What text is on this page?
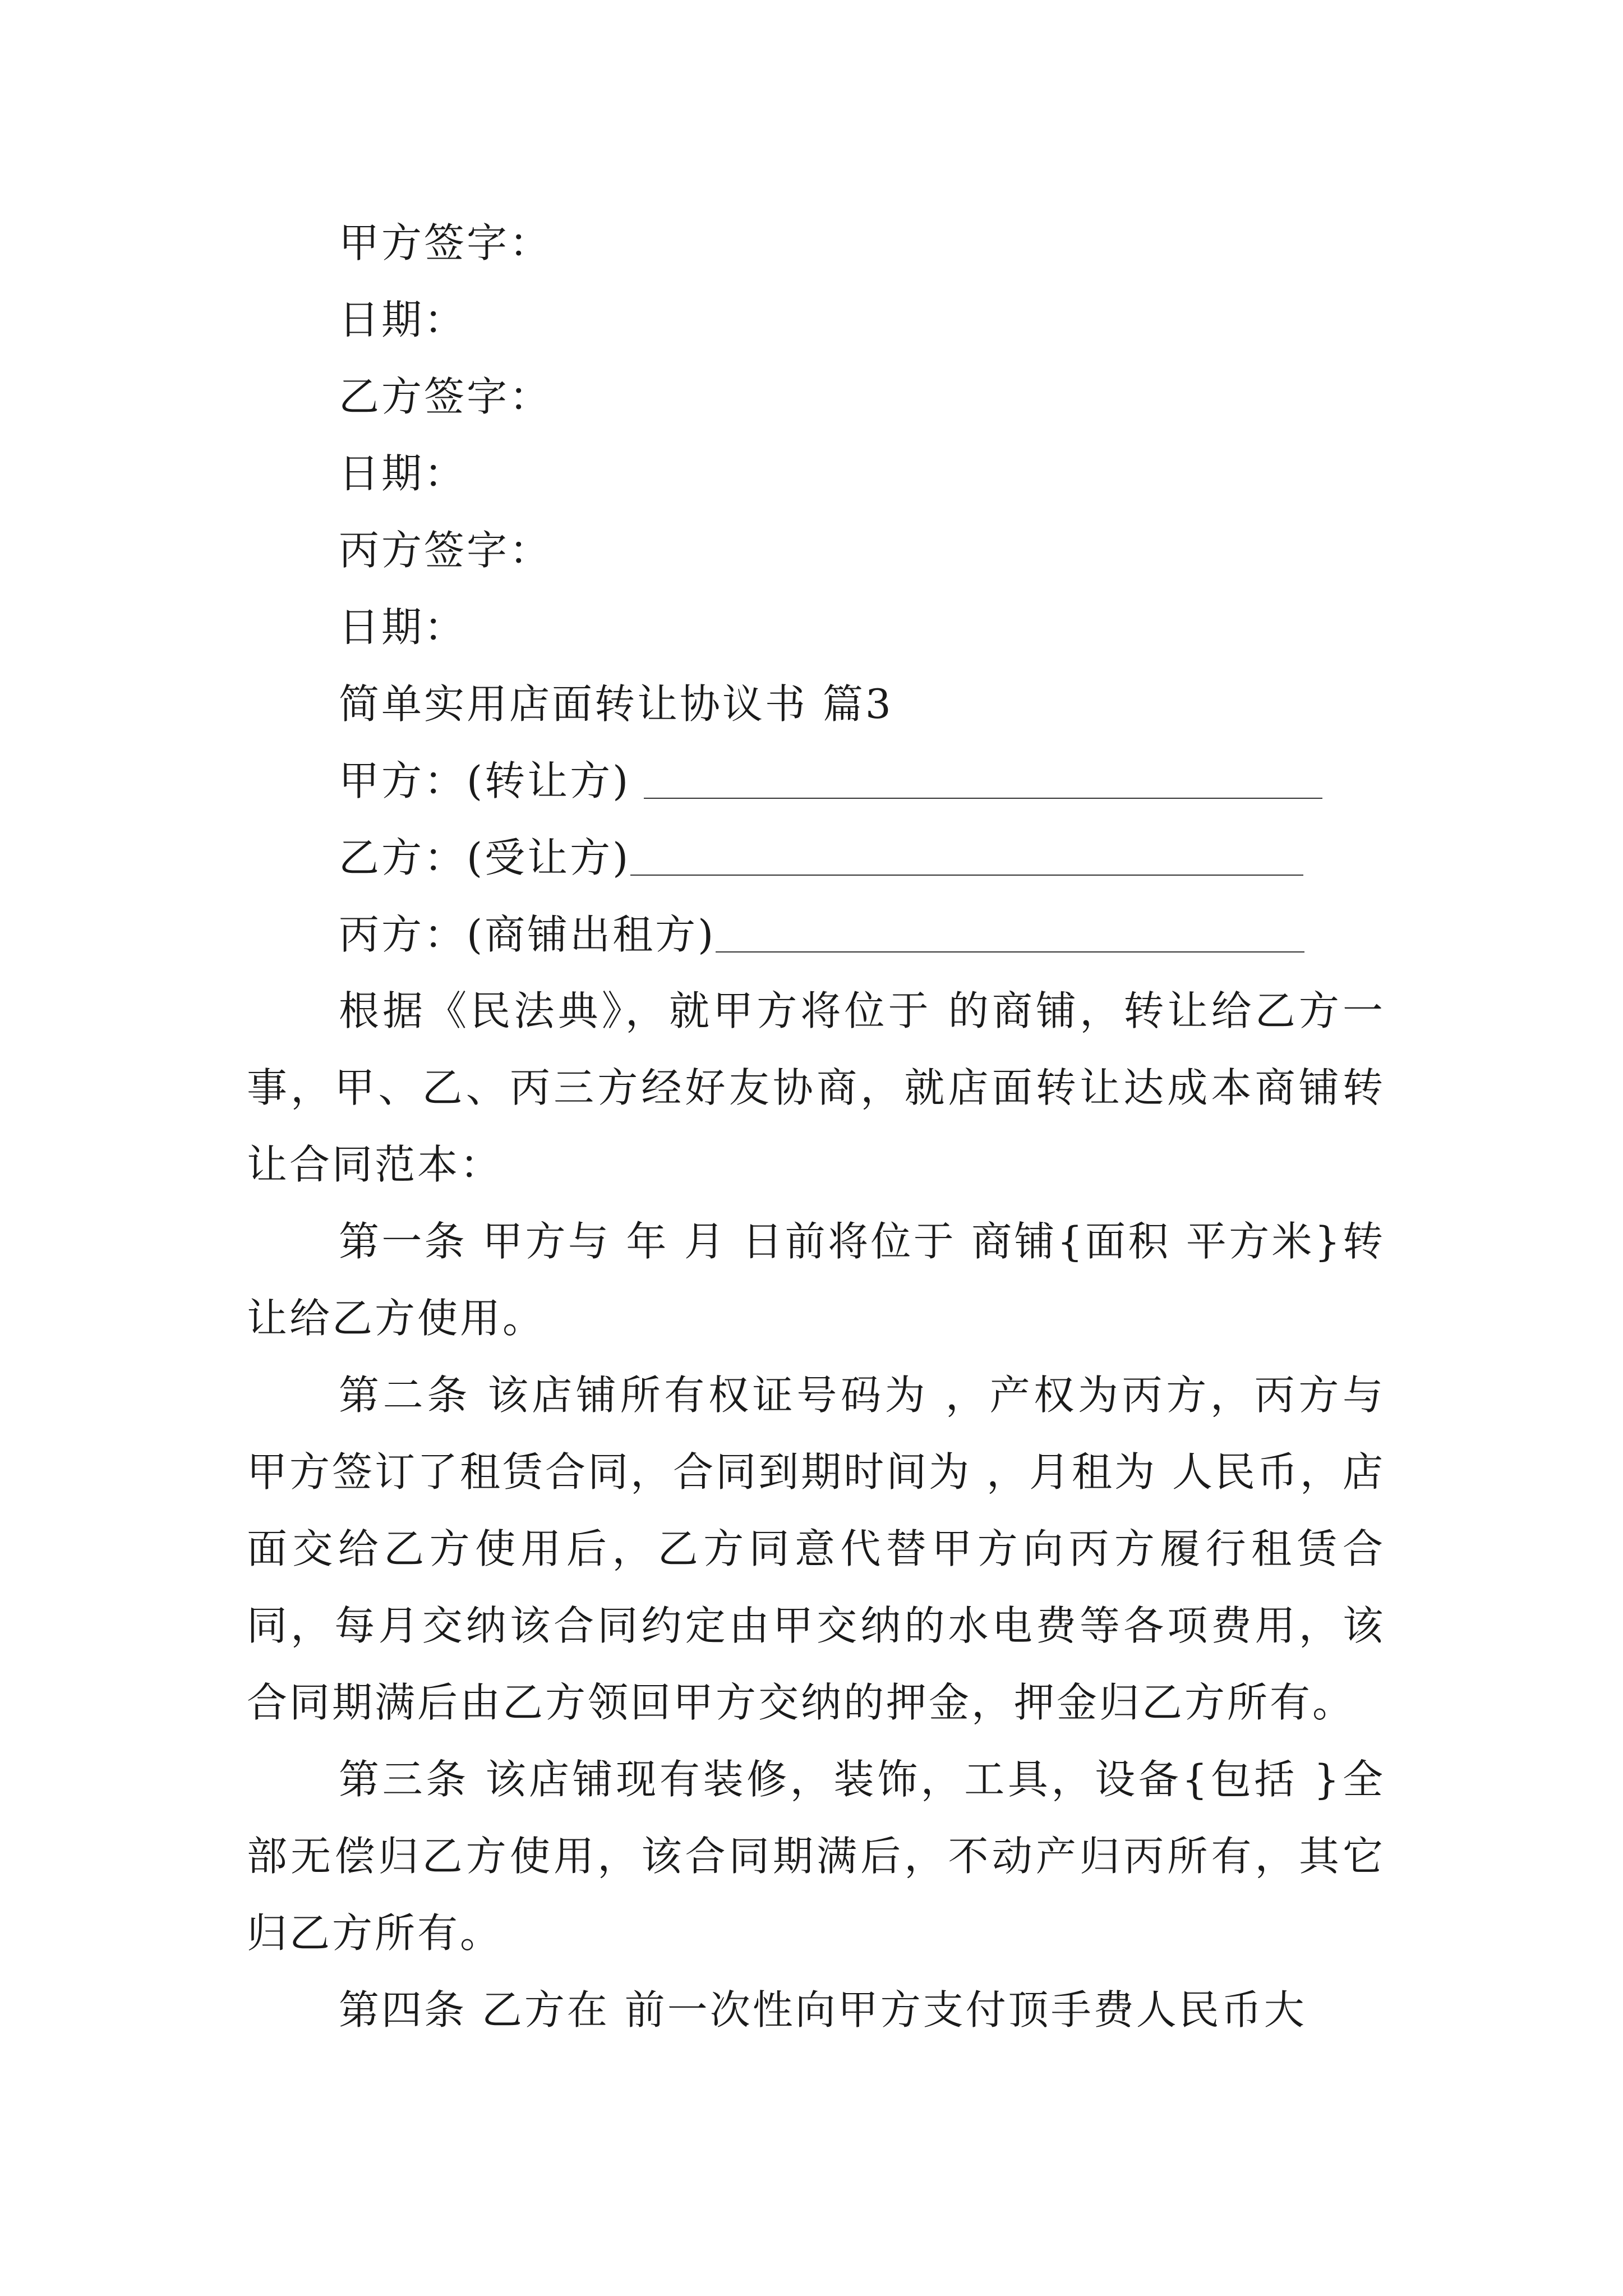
甲方签字：
日期：
乙方签字：
日期：
丙方签字：
日期：
简单实用店面转让协议书 篇3
甲方：(转让方)
乙方：(受让方)
丙方：(商铺出租方)

根据《民法典》，就甲方将位于 的商铺，转让给乙方一事，甲、乙、丙三方经好友协商，就店面转让达成本商铺转让合同范本：

第一条 甲方与 年 月 日前将位于 商铺{面积 平方米}转让给乙方使用。

第二条 该店铺所有权证号码为 ，产权为丙方，丙方与甲方签订了租赁合同，合同到期时间为 ，月租为 人民币，店面交给乙方使用后，乙方同意代替甲方向丙方履行租赁合同，每月交纳该合同约定由甲交纳的水电费等各项费用，该合同期满后由乙方领回甲方交纳的押金，押金归乙方所有。

第三条 该店铺现有装修，装饰，工具，设备{包括 }全部无偿归乙方使用，该合同期满后，不动产归丙所有，其它归乙方所有。

第四条 乙方在 前一次性向甲方支付顶手费人民币大
